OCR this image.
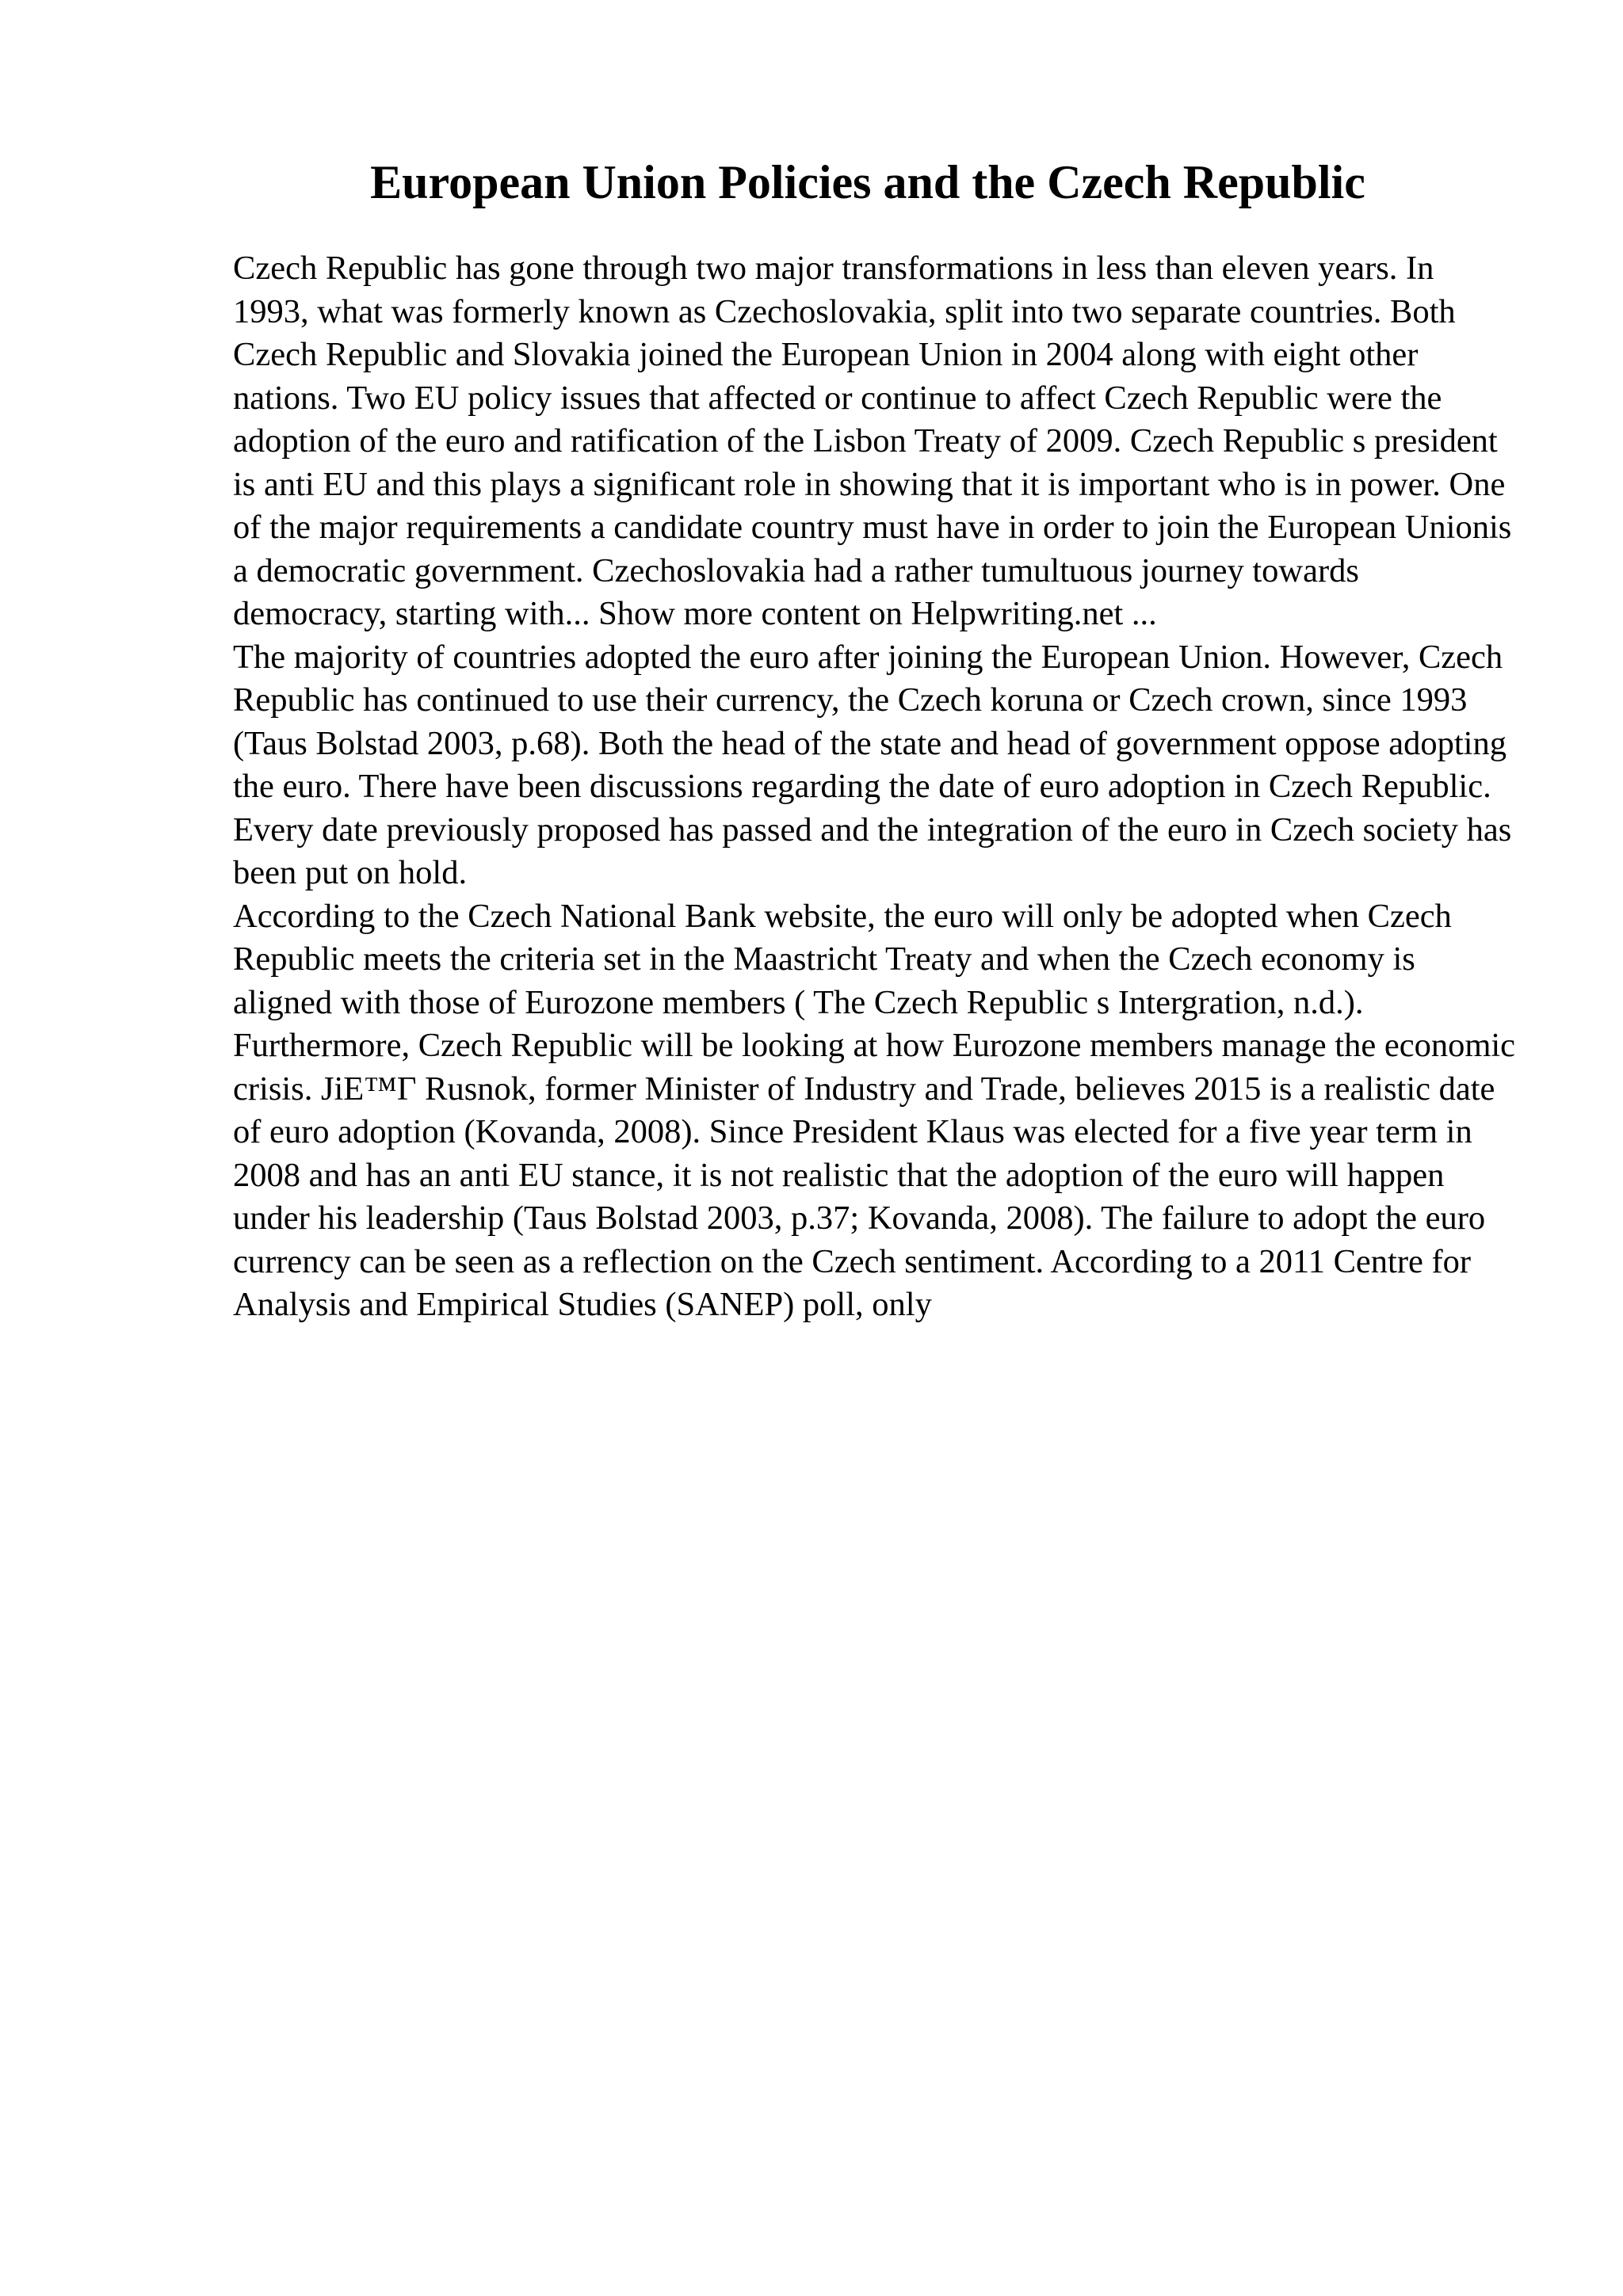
European Union Policies and the Czech Republic

Czech Republic has gone through two major transformations in less than eleven years. In 1993, what was formerly known as Czechoslovakia, split into two separate countries. Both Czech Republic and Slovakia joined the European Union in 2004 along with eight other nations. Two EU policy issues that affected or continue to affect Czech Republic were the adoption of the euro and ratification of the Lisbon Treaty of 2009. Czech Republic s president is anti EU and this plays a significant role in showing that it is important who is in power. One of the major requirements a candidate country must have in order to join the European Unionis a democratic government. Czechoslovakia had a rather tumultuous journey towards democracy, starting with... Show more content on Helpwriting.net ...

The majority of countries adopted the euro after joining the European Union. However, Czech Republic has continued to use their currency, the Czech koruna or Czech crown, since 1993 (Taus Bolstad 2003, p.68). Both the head of the state and head of government oppose adopting the euro. There have been discussions regarding the date of euro adoption in Czech Republic. Every date previously proposed has passed and the integration of the euro in Czech society has been put on hold.

According to the Czech National Bank website, the euro will only be adopted when Czech Republic meets the criteria set in the Maastricht Treaty and when the Czech economy is aligned with those of Eurozone members ( The Czech Republic s Intergration, n.d.). Furthermore, Czech Republic will be looking at how Eurozone members manage the economic crisis. JiЕ™Г Rusnok, former Minister of Industry and Trade, believes 2015 is a realistic date of euro adoption (Kovanda, 2008). Since President Klaus was elected for a five year term in 2008 and has an anti EU stance, it is not realistic that the adoption of the euro will happen under his leadership (Taus Bolstad 2003, p.37; Kovanda, 2008). The failure to adopt the euro currency can be seen as a reflection on the Czech sentiment. According to a 2011 Centre for Analysis and Empirical Studies (SANEP) poll, only
